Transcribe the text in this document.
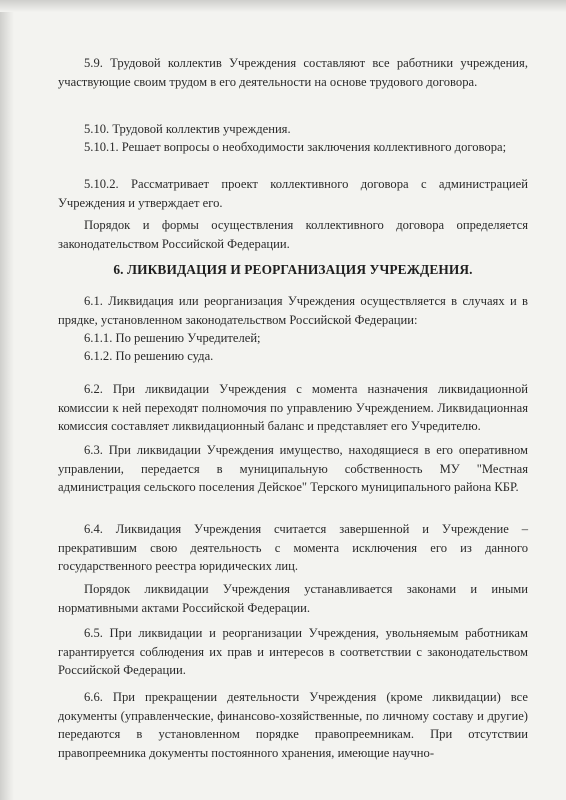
5.9. Трудовой коллектив Учреждения составляют все работники учреждения, участвующие своим трудом в его деятельности на основе трудового договора.

5.10. Трудовой коллектив учреждения.

5.10.1. Решает вопросы о необходимости заключения коллективного договора;

5.10.2. Рассматривает проект коллективного договора с администрацией Учреждения и утверждает его.

Порядок и формы осуществления коллективного договора определяется законодательством Российской Федерации.

6. ЛИКВИДАЦИЯ И РЕОРГАНИЗАЦИЯ УЧРЕЖДЕНИЯ.

6.1. Ликвидация или реорганизация Учреждения осуществляется в случаях и в прядке, установленном законодательством Российской Федерации:

6.1.1. По решению Учредителей;

6.1.2. По решению суда.

6.2. При ликвидации Учреждения с момента назначения ликвидационной комиссии к ней переходят полномочия по управлению Учреждением. Ликвидационная комиссия составляет ликвидационный баланс и представляет его Учредителю.

6.3. При ликвидации Учреждения имущество, находящиеся в его оперативном управлении, передается в муниципальную собственность МУ "Местная администрация сельского поселения Дейское" Терского муниципального района КБР.

6.4. Ликвидация Учреждения считается завершенной и Учреждение – прекратившим свою деятельность с момента исключения его из данного государственного реестра юридических лиц.

Порядок ликвидации Учреждения устанавливается законами и иными нормативными актами Российской Федерации.

6.5. При ликвидации и реорганизации Учреждения, увольняемым работникам гарантируется соблюдения их прав и интересов в соответствии с законодательством Российской Федерации.

6.6. При прекращении деятельности Учреждения (кроме ликвидации) все документы (управленческие, финансово-хозяйственные, по личному составу и другие) передаются в установленном порядке правопреемникам. При отсутствии правопреемника документы постоянного хранения, имеющие научно-
